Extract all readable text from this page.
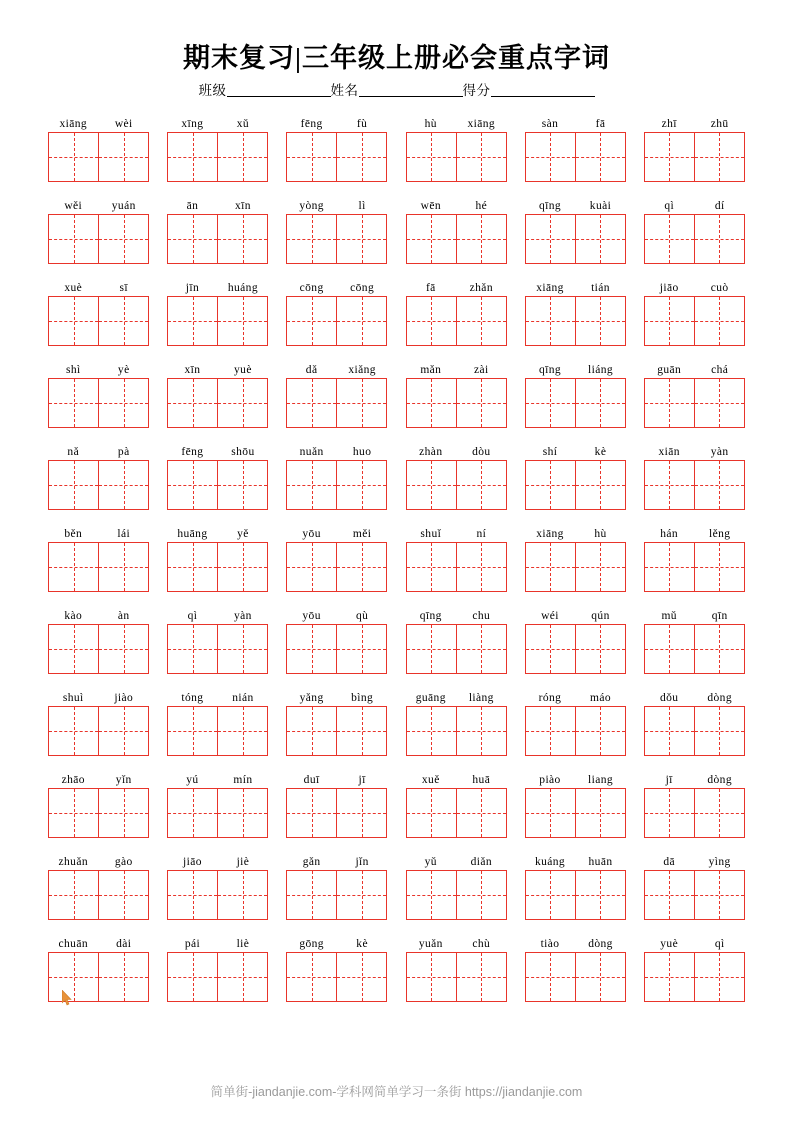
期末复习|三年级上册必会重点字词
班级	姓名	得分
xiāng	wèi	xīng	xǔ	fēng	fù	hù	xiāng	sàn	fā	zhī	zhū
wěi	yuán	ān	xīn	yòng	lì	wēn	hé	qīng	kuài	qì	dí
xuè	sī	jīn	huáng	cōng	cōng	fā	zhǎn	xiāng	tián	jiāo	cuò
shì	yè	xīn	yuè	dǎ	xiǎng	mǎn	zài	qīng	liáng	guān	chá
nǎ	pà	fēng	shōu	nuǎn	huo	zhàn	dòu	shí	kè	xiān	yàn
běn	lái	huāng	yě	yōu	měi	shuǐ	ní	xiāng	hù	hán	lěng
kào	àn	qì	yàn	yōu	qù	qīng	chu	wéi	qún	mǔ	qīn
shuì	jiào	tóng	nián	yǎng	bìng	guāng	liàng	róng	máo	dǒu	dòng
zhāo	yǐn	yú	mín	duī	jī	xuě	huā	piào	liang	jī	dòng
zhuǎn	gào	jiāo	jiè	gǎn	jǐn	yǔ	diǎn	kuáng	huān	dā	yìng
chuān	dài	pái	liè	gōng	kè	yuǎn	chù	tiào	dòng	yuè	qì
简单街-jiandanjie.com-学科网简单学习一条街 https://jiandanjie.com
